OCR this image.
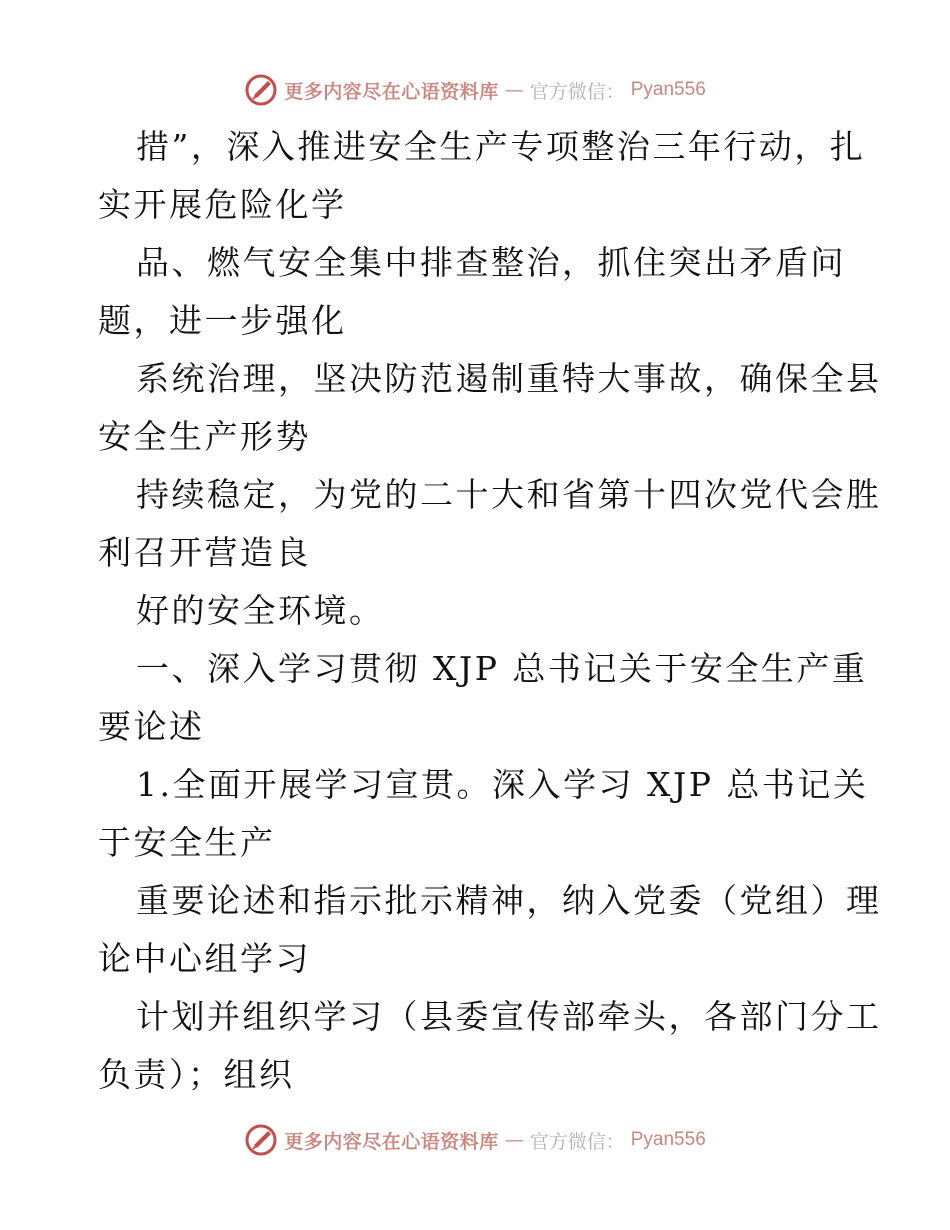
更多内容尽在心语资料库 — 官方微信： Pyan556
措”，深入推进安全生产专项整治三年行动，扎
实开展危险化学
品、燃气安全集中排查整治，抓住突出矛盾问
题，进一步强化
系统治理，坚决防范遏制重特大事故，确保全县
安全生产形势
持续稳定，为党的二十大和省第十四次党代会胜
利召开营造良
好的安全环境。
一、深入学习贯彻 XJP 总书记关于安全生产重
要论述
1.全面开展学习宣贯。深入学习 XJP 总书记关
于安全生产
重要论述和指示批示精神，纳入党委（党组）理
论中心组学习
计划并组织学习（县委宣传部牵头，各部门分工
负责）；组织
更多内容尽在心语资料库 — 官方微信： Pyan556
